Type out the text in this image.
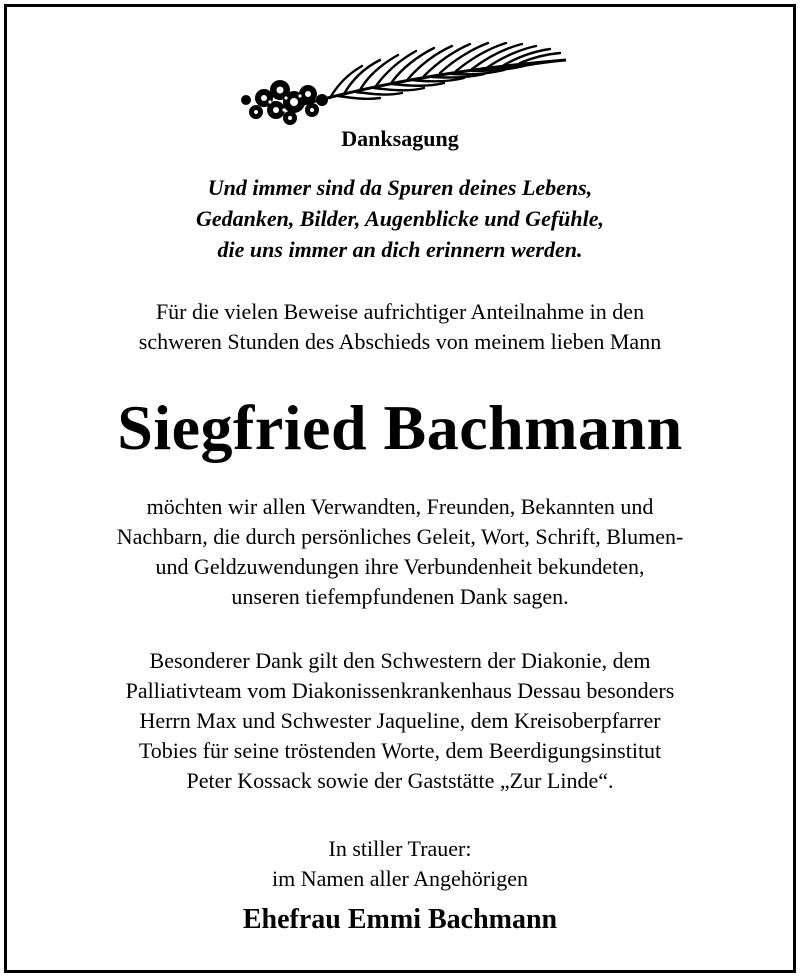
Danksagung
Und immer sind da Spuren deines Lebens,
Gedanken, Bilder, Augenblicke und Gefühle,
die uns immer an dich erinnern werden.
Für die vielen Beweise aufrichtiger Anteilnahme in den
schweren Stunden des Abschieds von meinem lieben Mann
Siegfried Bachmann
möchten wir allen Verwandten, Freunden, Bekannten und
Nachbarn, die durch persönliches Geleit, Wort, Schrift, Blumen-
und Geldzuwendungen ihre Verbundenheit bekundeten,
unseren tiefempfundenen Dank sagen.
Besonderer Dank gilt den Schwestern der Diakonie, dem
Palliativteam vom Diakonissenkrankenhaus Dessau besonders
Herrn Max und Schwester Jaqueline, dem Kreisoberpfarrer
Tobies für seine tröstenden Worte, dem Beerdigungsinstitut
Peter Kossack sowie der Gaststätte „Zur Linde“.
In stiller Trauer:
im Namen aller Angehörigen
Ehefrau Emmi Bachmann
